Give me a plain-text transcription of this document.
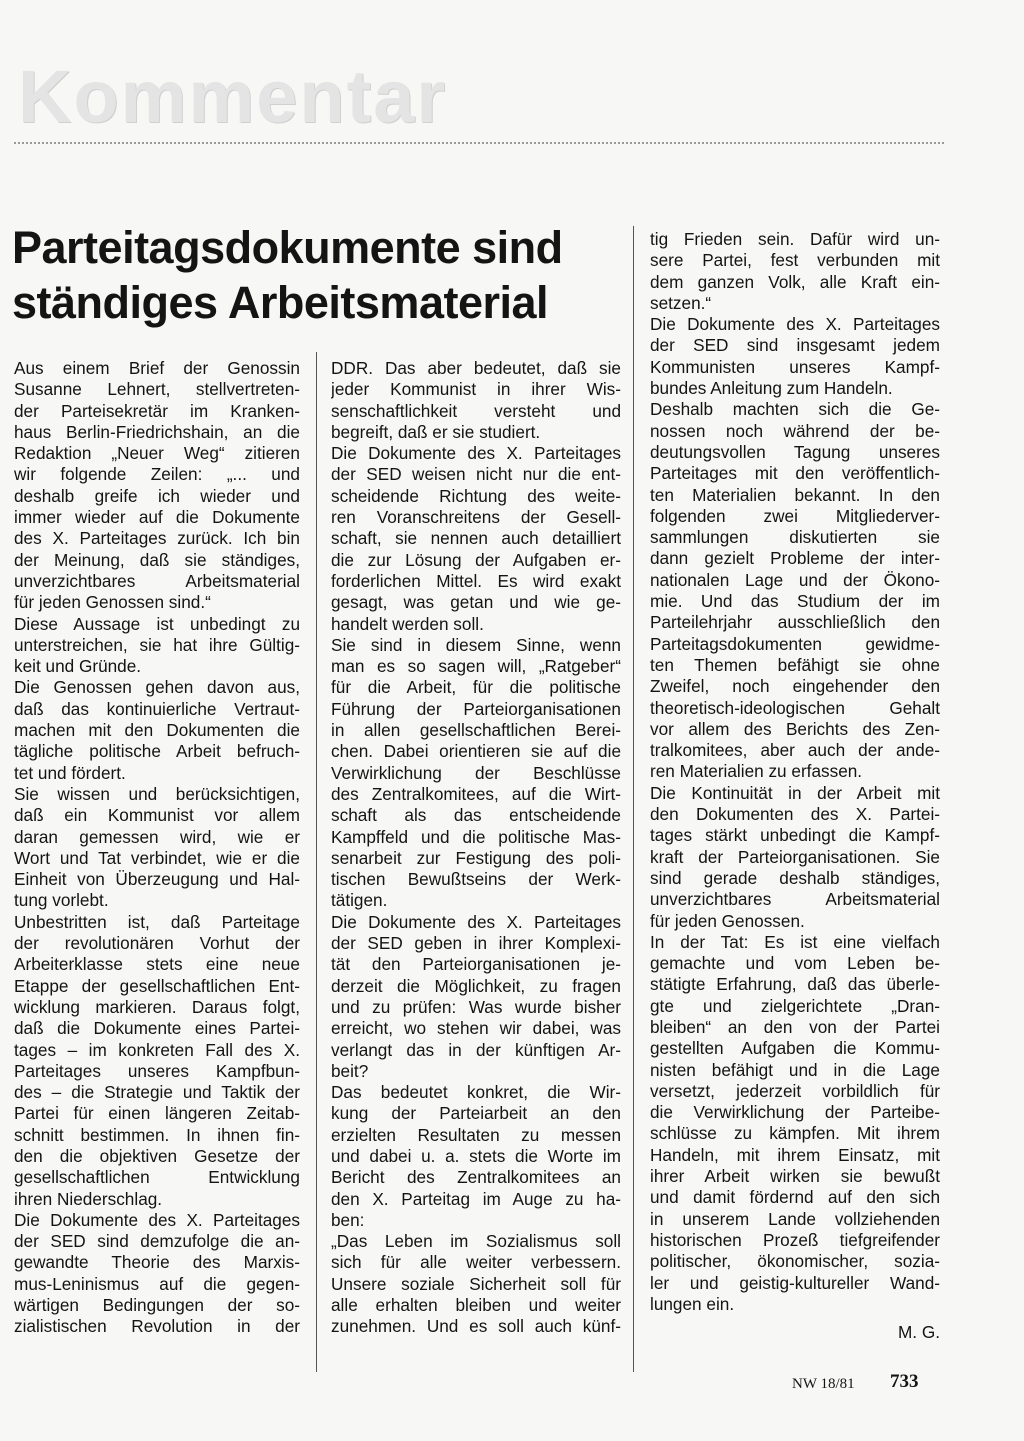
Kommentar
Parteitagsdokumente sind
ständiges Arbeitsmaterial
Aus einem Brief der Genossin
Susanne Lehnert, stellvertreten-
der Parteisekretär im Kranken-
haus Berlin-Friedrichshain, an die
Redaktion „Neuer Weg“ zitieren
wir folgende Zeilen: „... und
deshalb greife ich wieder und
immer wieder auf die Dokumente
des X. Parteitages zurück. Ich bin
der Meinung, daß sie ständiges,
unverzichtbares Arbeitsmaterial
für jeden Genossen sind.“
Diese Aussage ist unbedingt zu
unterstreichen, sie hat ihre Gültig-
keit und Gründe.
Die Genossen gehen davon aus,
daß das kontinuierliche Vertraut-
machen mit den Dokumenten die
tägliche politische Arbeit befruch-
tet und fördert.
Sie wissen und berücksichtigen,
daß ein Kommunist vor allem
daran gemessen wird, wie er
Wort und Tat verbindet, wie er die
Einheit von Überzeugung und Hal-
tung vorlebt.
Unbestritten ist, daß Parteitage
der revolutionären Vorhut der
Arbeiterklasse stets eine neue
Etappe der gesellschaftlichen Ent-
wicklung markieren. Daraus folgt,
daß die Dokumente eines Partei-
tages – im konkreten Fall des X.
Parteitages unseres Kampfbun-
des – die Strategie und Taktik der
Partei für einen längeren Zeitab-
schnitt bestimmen. In ihnen fin-
den die objektiven Gesetze der
gesellschaftlichen Entwicklung
ihren Niederschlag.
Die Dokumente des X. Parteitages
der SED sind demzufolge die an-
gewandte Theorie des Marxis-
mus-Leninismus auf die gegen-
wärtigen Bedingungen der so-
zialistischen Revolution in der
DDR. Das aber bedeutet, daß sie
jeder Kommunist in ihrer Wis-
senschaftlichkeit versteht und
begreift, daß er sie studiert.
Die Dokumente des X. Parteitages
der SED weisen nicht nur die ent-
scheidende Richtung des weite-
ren Voranschreitens der Gesell-
schaft, sie nennen auch detailliert
die zur Lösung der Aufgaben er-
forderlichen Mittel. Es wird exakt
gesagt, was getan und wie ge-
handelt werden soll.
Sie sind in diesem Sinne, wenn
man es so sagen will, „Ratgeber“
für die Arbeit, für die politische
Führung der Parteiorganisationen
in allen gesellschaftlichen Berei-
chen. Dabei orientieren sie auf die
Verwirklichung der Beschlüsse
des Zentralkomitees, auf die Wirt-
schaft als das entscheidende
Kampffeld und die politische Mas-
senarbeit zur Festigung des poli-
tischen Bewußtseins der Werk-
tätigen.
Die Dokumente des X. Parteitages
der SED geben in ihrer Komplexi-
tät den Parteiorganisationen je-
derzeit die Möglichkeit, zu fragen
und zu prüfen: Was wurde bisher
erreicht, wo stehen wir dabei, was
verlangt das in der künftigen Ar-
beit?
Das bedeutet konkret, die Wir-
kung der Parteiarbeit an den
erzielten Resultaten zu messen
und dabei u. a. stets die Worte im
Bericht des Zentralkomitees an
den X. Parteitag im Auge zu ha-
ben:
„Das Leben im Sozialismus soll
sich für alle weiter verbessern.
Unsere soziale Sicherheit soll für
alle erhalten bleiben und weiter
zunehmen. Und es soll auch künf-
tig Frieden sein. Dafür wird un-
sere Partei, fest verbunden mit
dem ganzen Volk, alle Kraft ein-
setzen.“
Die Dokumente des X. Parteitages
der SED sind insgesamt jedem
Kommunisten unseres Kampf-
bundes Anleitung zum Handeln.
Deshalb machten sich die Ge-
nossen noch während der be-
deutungsvollen Tagung unseres
Parteitages mit den veröffentlich-
ten Materialien bekannt. In den
folgenden zwei Mitgliederver-
sammlungen diskutierten sie
dann gezielt Probleme der inter-
nationalen Lage und der Ökono-
mie. Und das Studium der im
Parteilehrjahr ausschließlich den
Parteitagsdokumenten gewidme-
ten Themen befähigt sie ohne
Zweifel, noch eingehender den
theoretisch-ideologischen Gehalt
vor allem des Berichts des Zen-
tralkomitees, aber auch der ande-
ren Materialien zu erfassen.
Die Kontinuität in der Arbeit mit
den Dokumenten des X. Partei-
tages stärkt unbedingt die Kampf-
kraft der Parteiorganisationen. Sie
sind gerade deshalb ständiges,
unverzichtbares Arbeitsmaterial
für jeden Genossen.
In der Tat: Es ist eine vielfach
gemachte und vom Leben be-
stätigte Erfahrung, daß das überle-
gte und zielgerichtete „Dran-
bleiben“ an den von der Partei
gestellten Aufgaben die Kommu-
nisten befähigt und in die Lage
versetzt, jederzeit vorbildlich für
die Verwirklichung der Parteibe-
schlüsse zu kämpfen. Mit ihrem
Handeln, mit ihrem Einsatz, mit
ihrer Arbeit wirken sie bewußt
und damit fördernd auf den sich
in unserem Lande vollziehenden
historischen Prozeß tiefgreifender
politischer, ökonomischer, sozia-
ler und geistig-kultureller Wand-
lungen ein.
M. G.
NW 18/81 733
